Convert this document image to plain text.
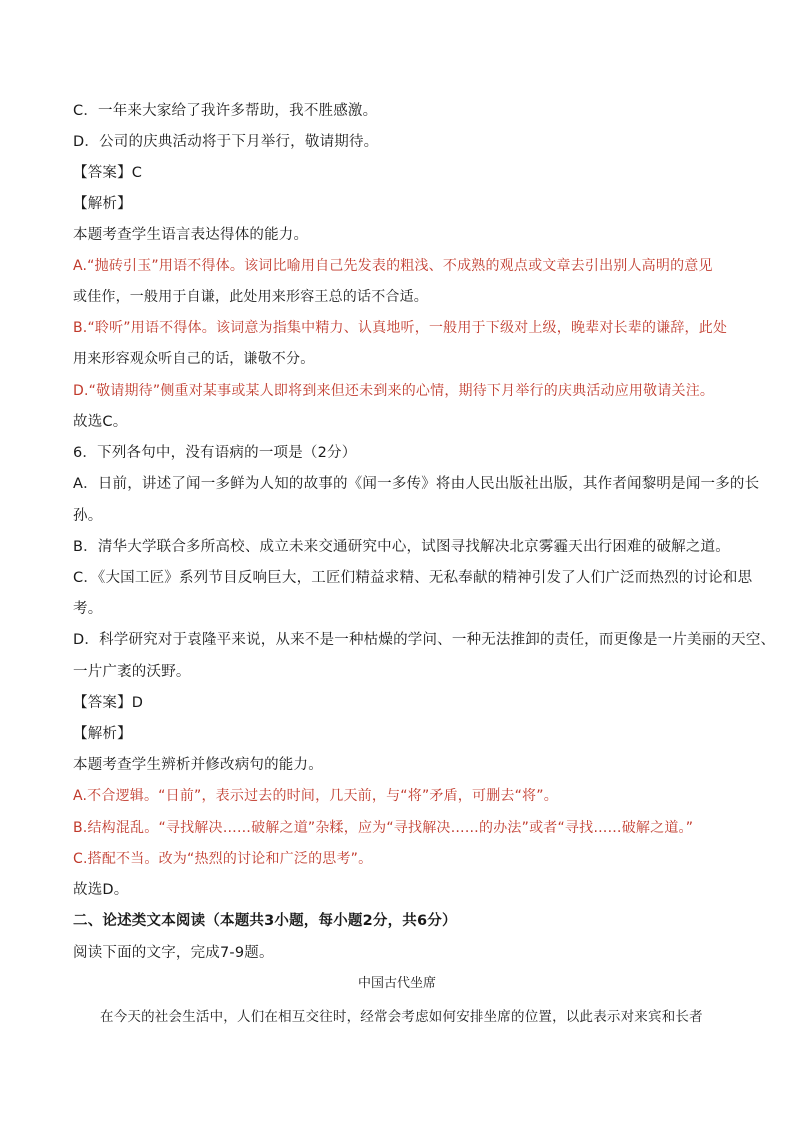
C．一年来大家给了我许多帮助，我不胜感激。
D．公司的庆典活动将于下月举行，敬请期待。
【答案】C
【解析】
本题考查学生语言表达得体的能力。
A.“抛砖引玉”用语不得体。该词比喻用自己先发表的粗浅、不成熟的观点或文章去引出别人高明的意见
或佳作，一般用于自谦，此处用来形容王总的话不合适。
B.“聆听”用语不得体。该词意为指集中精力、认真地听，一般用于下级对上级，晚辈对长辈的谦辞，此处
用来形容观众听自己的话，谦敬不分。
D.“敬请期待”侧重对某事或某人即将到来但还未到来的心情，期待下月举行的庆典活动应用敬请关注。
故选C。
6．下列各句中，没有语病的一项是（2分）
A．日前，讲述了闻一多鲜为人知的故事的《闻一多传》将由人民出版社出版，其作者闻黎明是闻一多的长
孙。
B．清华大学联合多所高校、成立未来交通研究中心，试图寻找解决北京雾霾天出行困难的破解之道。
C．《大国工匠》系列节目反响巨大，工匠们精益求精、无私奉献的精神引发了人们广泛而热烈的讨论和思
考。
D．科学研究对于袁隆平来说，从来不是一种枯燥的学问、一种无法推卸的责任，而更像是一片美丽的天空、
一片广袤的沃野。
【答案】D
【解析】
本题考查学生辨析并修改病句的能力。
A.不合逻辑。“日前”，表示过去的时间，几天前，与“将”矛盾，可删去“将”。
B.结构混乱。“寻找解决……破解之道”杂糅，应为“寻找解决……的办法”或者“寻找……破解之道。”
C.搭配不当。改为“热烈的讨论和广泛的思考”。
故选D。
二、论述类文本阅读（本题共3小题，每小题2分，共6分）
阅读下面的文字，完成7-9题。
中国古代坐席
在今天的社会生活中，人们在相互交往时，经常会考虑如何安排坐席的位置，以此表示对来宾和长者
